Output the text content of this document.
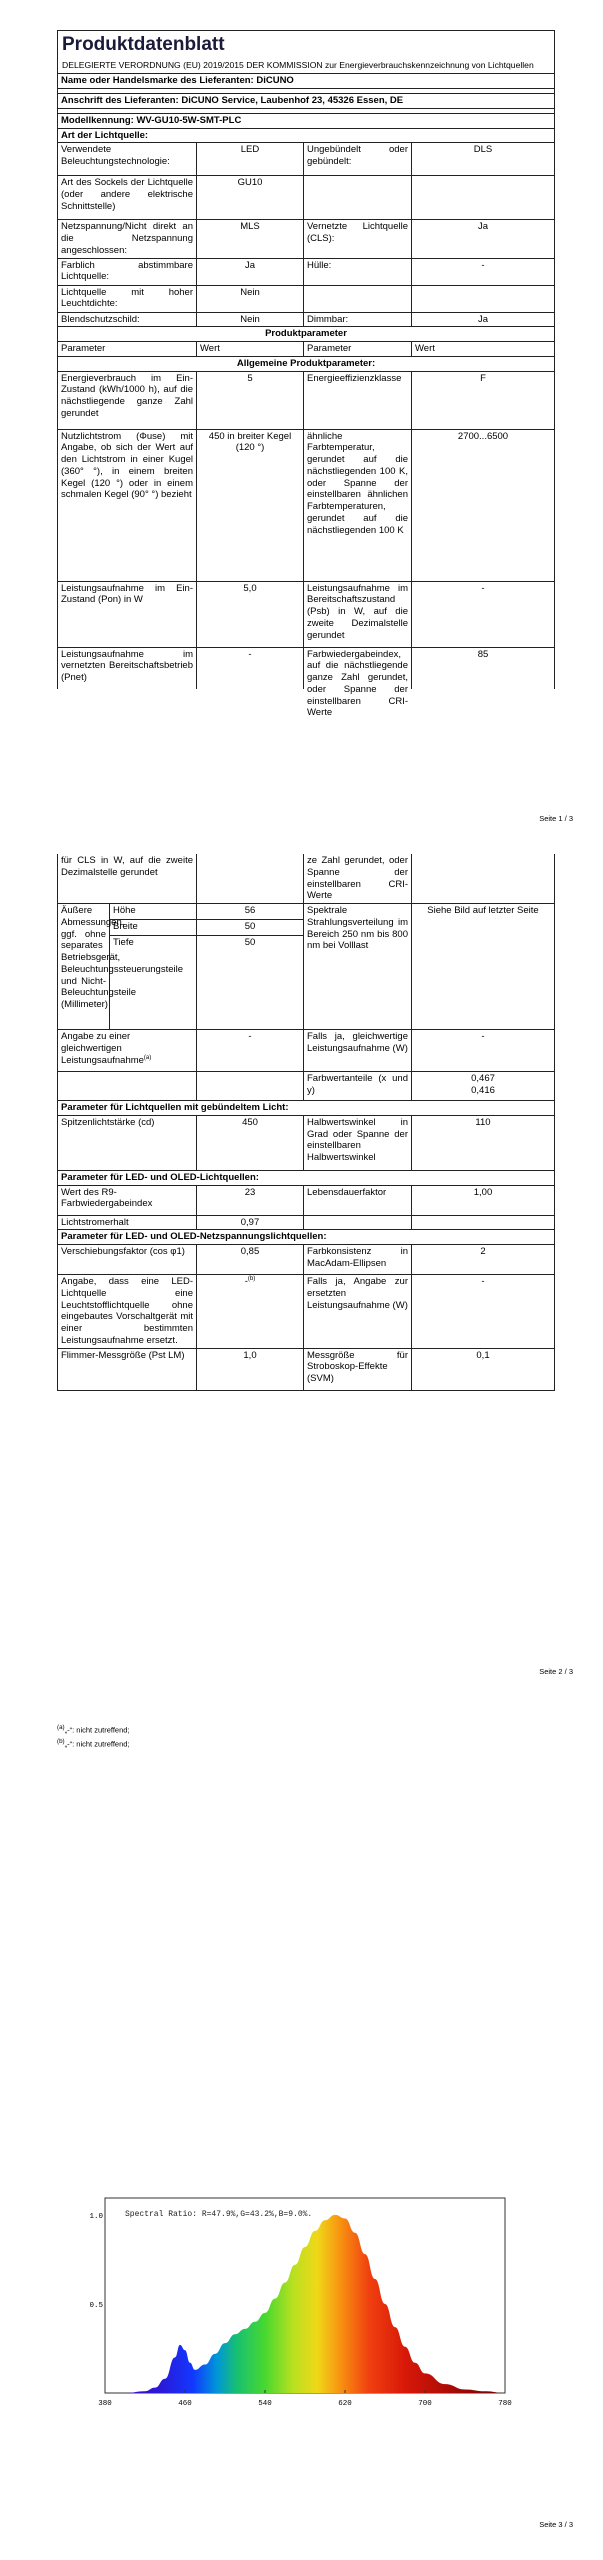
Produktdatenblatt
DELEGIERTE VERORDNUNG (EU) 2019/2015 DER KOMMISSION zur Energieverbrauchskennzeichnung von Lichtquellen			

Name oder Handelsmarke des Lieferanten: DiCUNO			

Anschrift des Lieferanten: DiCUNO Service, Laubenhof 23, 45326 Essen, DE			

Modellkennung: WV-GU10-5W-SMT-PLC			
Art der Lichtquelle:			
Verwendete Beleuchtungstechnologie:	LED	Ungebündelt oder gebündelt:	DLS
Art des Sockels der Lichtquelle (oder andere elektrische Schnittstelle)	GU10		
Netzspannung/Nicht direkt an die Netzspannung angeschlossen:	MLS	Vernetzte Lichtquelle (CLS):	Ja
Farblich abstimmbare Lichtquelle:	Ja	Hülle:	-
Lichtquelle mit hoher Leuchtdichte:	Nein		
Blendschutzschild:	Nein	Dimmbar:	Ja
Produktparameter			
Parameter	Wert	Parameter	Wert
Allgemeine Produktparameter:			
Energieverbrauch im Ein-Zustand (kWh/1000 h), auf die nächstliegende ganze Zahl gerundet	5	Energieeffizienzklasse	F
Nutzlichtstrom (Φuse) mit Angabe, ob sich der Wert auf den Lichtstrom in einer Kugel (360° °), in einem breiten Kegel (120 °) oder in einem schmalen Kegel (90° °) bezieht	450 in breiter Kegel (120 °)	ähnliche Farbtemperatur, gerundet auf die nächstliegenden 100 K, oder Spanne der einstellbaren ähnlichen Farbtemperaturen, gerundet auf die nächstliegenden 100 K	2700...6500
Leistungsaufnahme im Ein-Zustand (Pon) in W	5,0	Leistungsaufnahme im Bereitschaftszustand (Psb) in W, auf die zweite Dezimalstelle gerundet	-

Leistungsaufnahme im vernetzten Bereitschaftsbetrieb (Pnet)	-	Farbwiedergabeindex, auf die nächstliegende ganze Zahl gerundet, oder Spanne der einstellbaren CRI-Werte	85
Seite 1 / 3
für CLS in W, auf die zweite Dezimalstelle gerundet			ze Zahl gerundet, oder Spanne der einstellbaren CRI-Werte	
Äußere Abmessungen, ggf. ohne separates Betriebsgerät, Beleuchtungssteuerungsteile und Nicht-Beleuchtungsteile (Millimeter)	Höhe	56	Spektrale Strahlungsverteilung im Bereich 250 nm bis 800 nm bei Volllast	Siehe Bild auf letzter Seite
	Breite	50		
	Tiefe	50		
Angabe zu einer gleichwertigen Leistungsaufnahme$^{(a)}$		-	Falls ja, gleichwertige Leistungsaufnahme (W)	-
			Farbwertanteile (x und y)	0,467
0,416

Parameter für Lichtquellen mit gebündeltem Licht:				
Spitzenlichtstärke (cd)		450	Halbwertswinkel in Grad oder Spanne der einstellbaren Halbwertswinkel	110
Parameter für LED- und OLED-Lichtquellen:				
Wert des R9-Farbwiedergabeindex		23	Lebensdauerfaktor	1,00
Lichtstromerhalt		0,97		
Parameter für LED- und OLED-Netzspannungslichtquellen:				
Verschiebungsfaktor (cos φ1)		0,85	Farbkonsistenz in MacAdam-Ellipsen	2
Angabe, dass eine LED-Lichtquelle eine Leuchtstofflichtquelle ohne eingebautes Vorschaltgerät mit einer bestimmten Leistungsaufnahme ersetzt.		-$^{(b)}$	Falls ja, Angabe zur ersetzten Leistungsaufnahme (W)	-
Flimmer-Messgröße (Pst LM)		1,0	Messgröße für Stroboskop-Effekte (SVM)	0,1
$^{(a)}$„-“: nicht zutreffend;
$^{(b)}$„-“: nicht zutreffend;
Seite 2 / 3
Spectral Ratio: R=47.9%,G=43.2%,B=9.0%.
380	460	540	620	700	780
1.0
0.5
Seite 3 / 3
